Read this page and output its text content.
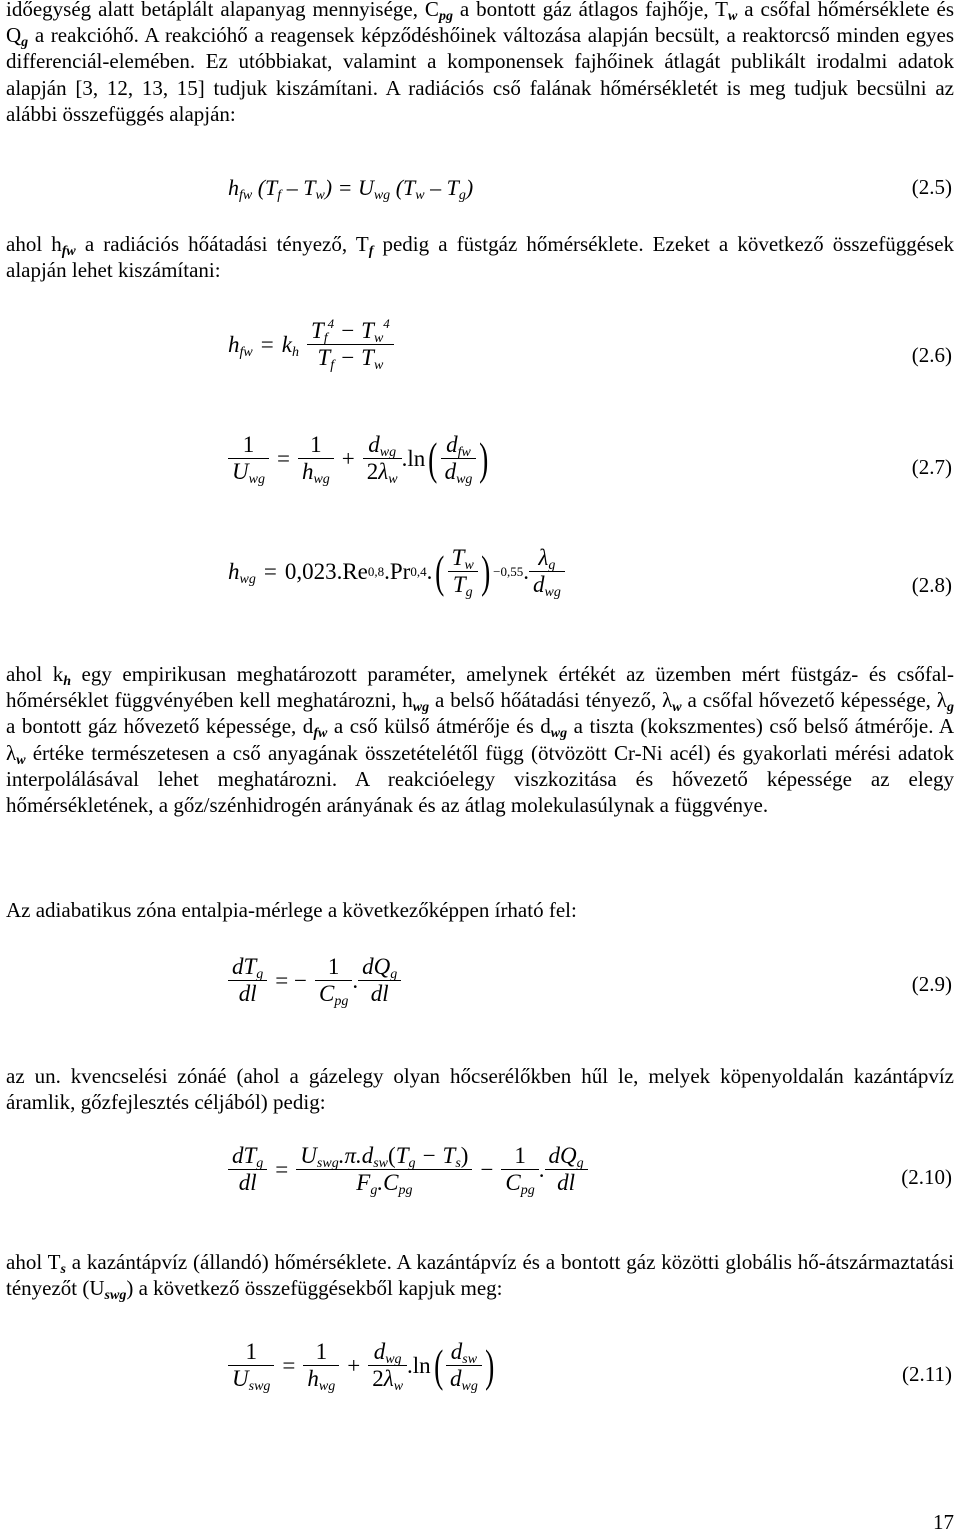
időegység alatt betáplált alapanyag mennyisége, $C_{pg}$ a bontott gáz átlagos fajhője, $T_w$ a csőfal hőmérséklete és $Q_g$ a reakcióhő. A reakcióhő a reagensek képződéshőinek változása alapján becsült, a reaktorcső minden egyes differenciál-elemében. Ez utóbbiakat, valamint a komponensek fajhőinek átlagát publikált irodalmi adatok alapján [3, 12, 13, 15] tudjuk kiszámítani. A radiációs cső falának hőmérsékletét is meg tudjuk becsülni az alábbi összefüggés alapján:
$h_{fw}$ $(T_f - T_w) = U_{wg}$ $(T_w - T_g)$	(2.5)
ahol $h_{fw}$ a radiációs hőátadási tényező, $T_f$ pedig a füstgáz hőmérséklete. Ezeket a következő összefüggések alapján lehet kiszámítani:
$h_{fw} = k_h \frac{T_f^4 - T_w^4}{T_f - T_w}$	(2.6)
$\frac{1}{U_{wg}} = \frac{1}{h_{wg}} + \frac{d_{wg}}{2\lambda_w} .\ln$ ( $\frac{d_{fw}}{d_{wg}}$ )	(2.7)
$h_{wg} = 0,023.Re$ 0,8 .Pr 0,4 . ( $\frac{T_w}{T_g}$ ) −0,55 . $\frac{\lambda_g}{d_{wg}}$	(2.8)
ahol $k_h$ egy empirikusan meghatározott paraméter, amelynek értékét az üzemben mért füstgáz- és csőfal-hőmérséklet függvényében kell meghatározni, $h_{wg}$ a belső hőátadási tényező, $\lambda_w$ a csőfal hővezető képessége, $\lambda_g$ a bontott gáz hővezető képessége, $d_{fw}$ a cső külső átmérője és $d_{wg}$ a tiszta (kokszmentes) cső belső átmérője. A $\lambda_w$ értéke természetesen a cső anyagának összetételétől függ (ötvözött Cr-Ni acél) és gyakorlati mérési adatok interpolálásával lehet meghatározni. A reakcióelegy viszkozitása és hővezető képessége az elegy hőmérsékletének, a gőz/szénhidrogén arányának és az átlag molekulasúlynak a függvénye.
Az adiabatikus zóna entalpia-mérlege a következőképpen írható fel:
$\frac{dT_g}{dl}$ = − $\frac{1}{C_{pg}}$ . $\frac{dQ_g}{dl}$	(2.9)
az un. kvencselési zónáé (ahol a gázelegy olyan hőcserélőkben hűl le, melyek köpenyoldalán kazántápvíz áramlik, gőzfejlesztés céljából) pedig:
$\frac{dT_g}{dl} = \frac{U_{swg}.\pi.d_{sw}(T_g - T_s)}{F_g.C_{pg}} - \frac{1}{C_{pg}}$ . $\frac{dQ_g}{dl}$	(2.10)
ahol $T_s$ a kazántápvíz (állandó) hőmérséklete. A kazántápvíz és a bontott gáz közötti globális hő-átszármaztatási tényezőt $(U_{swg})$ a következő összefüggésekből kapjuk meg:
$\frac{1}{U_{swg}} = \frac{1}{h_{wg}} + \frac{d_{wg}}{2\lambda_w} .\ln$ ( $\frac{d_{sw}}{d_{wg}}$ )	(2.11)
17
